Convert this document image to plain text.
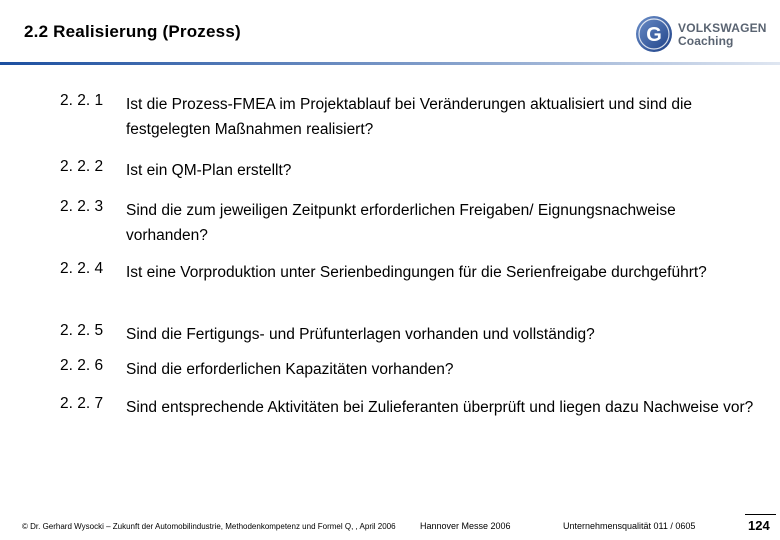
2.2 Realisierung (Prozess)	G VOLKSWAGEN
Coaching
2. 2. 1	Ist die Prozess-FMEA im Projektablauf bei Veränderungen aktualisiert und sind die festgelegten Maßnahmen realisiert?
2. 2. 2	Ist ein QM-Plan erstellt?
2. 2. 3	Sind die zum jeweiligen Zeitpunkt erforderlichen Freigaben/ Eignungsnachweise vorhanden?
2. 2. 4	Ist eine Vorproduktion unter Serienbedingungen für die Serienfreigabe durchgeführt?
2. 2. 5	Sind die Fertigungs- und Prüfunterlagen vorhanden und vollständig?
2. 2. 6	Sind die erforderlichen Kapazitäten vorhanden?
2. 2. 7	Sind entsprechende Aktivitäten bei Zulieferanten überprüft und liegen dazu Nachweise vor?
© Dr. Gerhard Wysocki – Zukunft der Automobilindustrie, Methodenkompetenz und Formel Q, , April 2006	Hannover Messe 2006	Unternehmensqualität 011 / 0605	124
